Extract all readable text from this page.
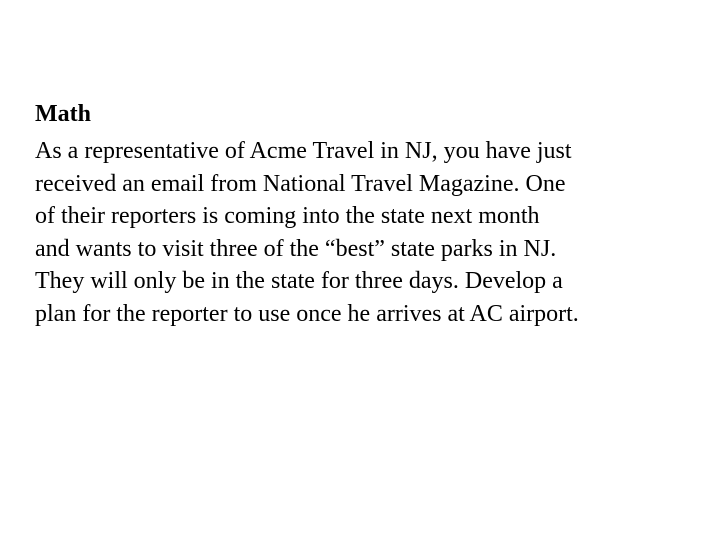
Math

As a representative of Acme Travel in NJ, you have just
received an email from National Travel Magazine. One
of their reporters is coming into the state next month
and wants to visit three of the “best” state parks in NJ.
They will only be in the state for three days. Develop a
plan for the reporter to use once he arrives at AC airport.
